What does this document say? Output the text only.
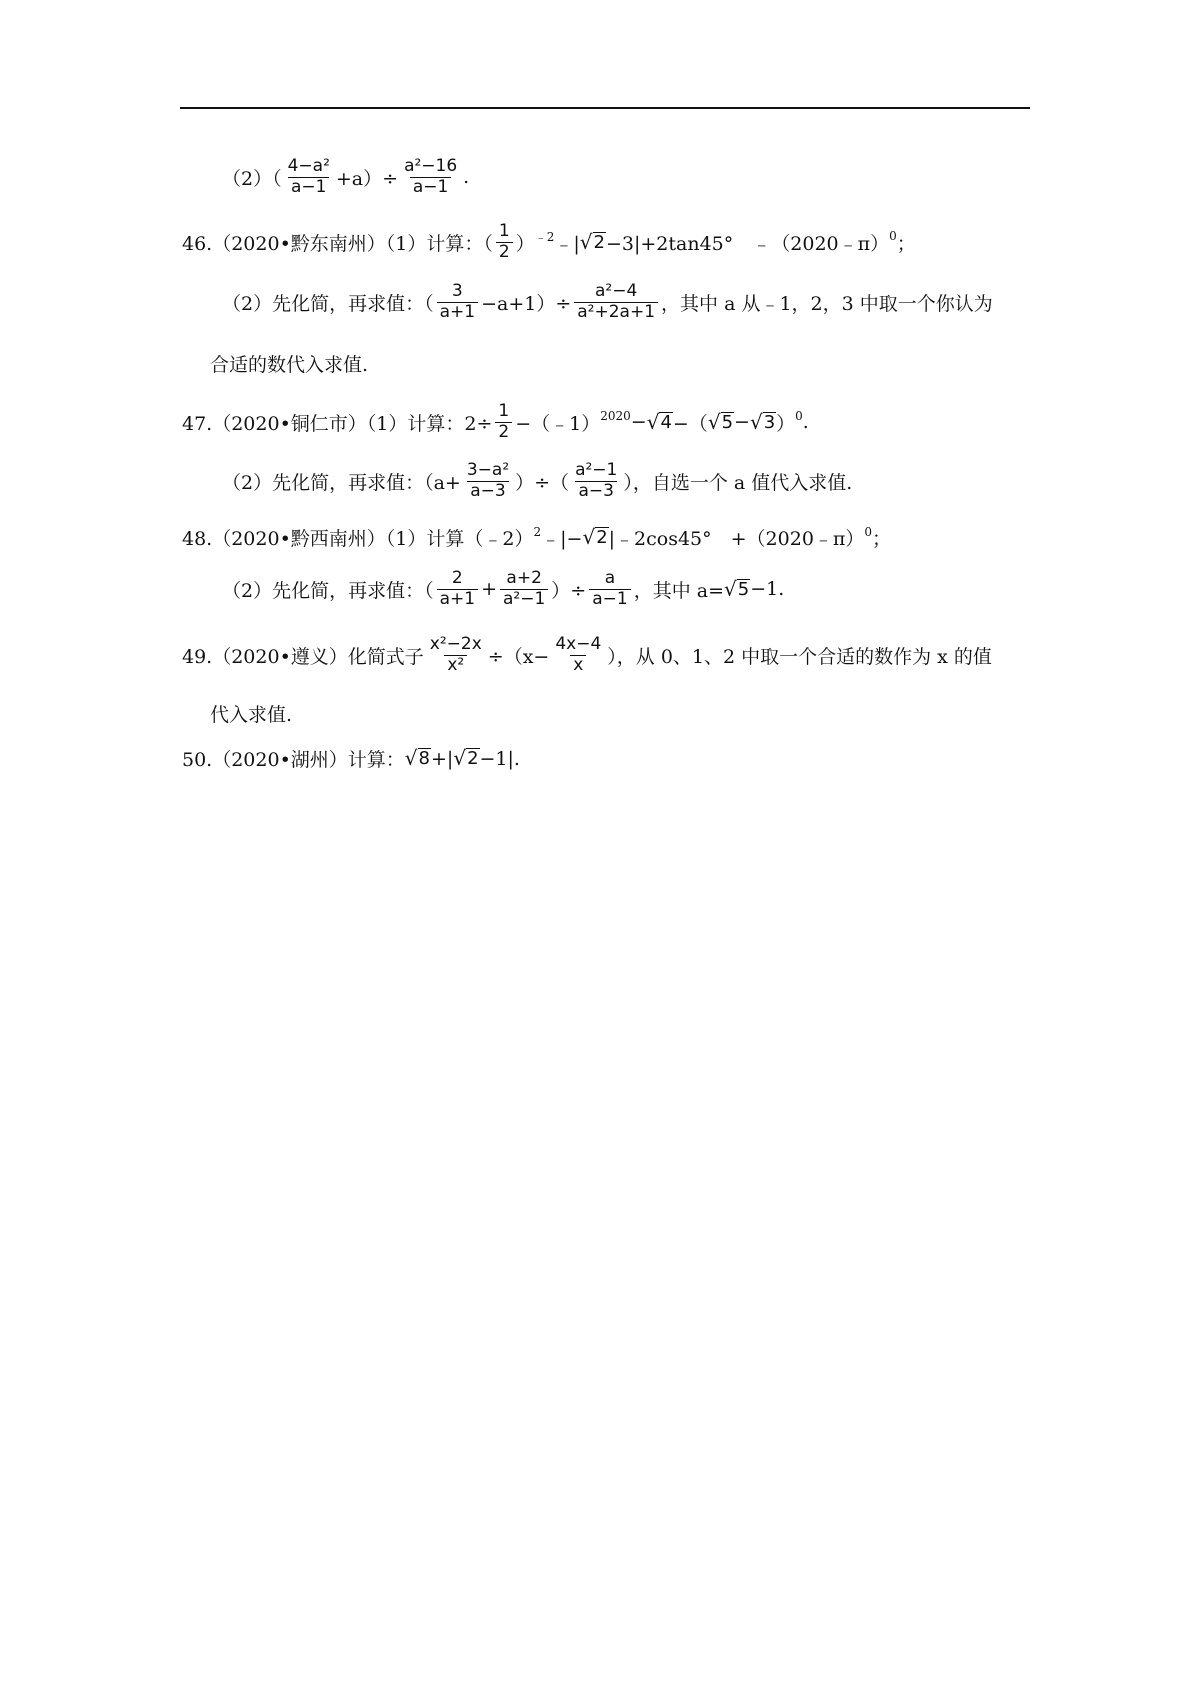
$(2)( \frac{\text{4−a²}}{a-1} +a)\div \frac{\text{a²−16}}{a-1}$ .
46.（2020•黔东南州）（1）计算：（ $\frac{1}{2} )^{﹣2}$ ﹣| √ 2 −3|+2tan45°　﹣（2020﹣π）$^0$ ；
（2）先化简，再求值：（ $\frac{3}{a+1} -a+1)\div \frac{\text{a²−4}}{\text{a²+2a+1}}$ ，其中 a 从﹣1，2，3 中取一个你认为
合适的数代入求值.
47.（2020•铜仁市）（1）计算：$2\div \frac{1}{2}$ −（﹣1）$^{2020}$ − √ 4 −（ √ 5 − √ 3 ）$^0$ .
（2）先化简，再求值：（$a+ \frac{\text{3−a²}}{a-3}$ ）÷（ $\frac{\text{a²−1}}{a-3}$ ），自选一个 a 值代入求值.
48.（2020•黔西南州）（1）计算（﹣2）$^2$ ﹣|− √ 2 |﹣2cos45°　+（2020﹣π）$^0$ ；
（2）先化简，再求值：（ $\frac{2}{a+1} + \frac{a+2}{\text{a²−1}}$ ）÷ $\frac{a}{a-1}$ ，其中 a= √ 5 −1.
49.（2020•遵义）化简式子 $\frac{\text{x²−2x}}{\text{x²}} \div(x- \frac{4x-4}{x}$ ），从 0、1、2 中取一个合适的数作为 x 的值
代入求值.
50.（2020•湖州）计算： √ 8 +| √ 2 −1|.
